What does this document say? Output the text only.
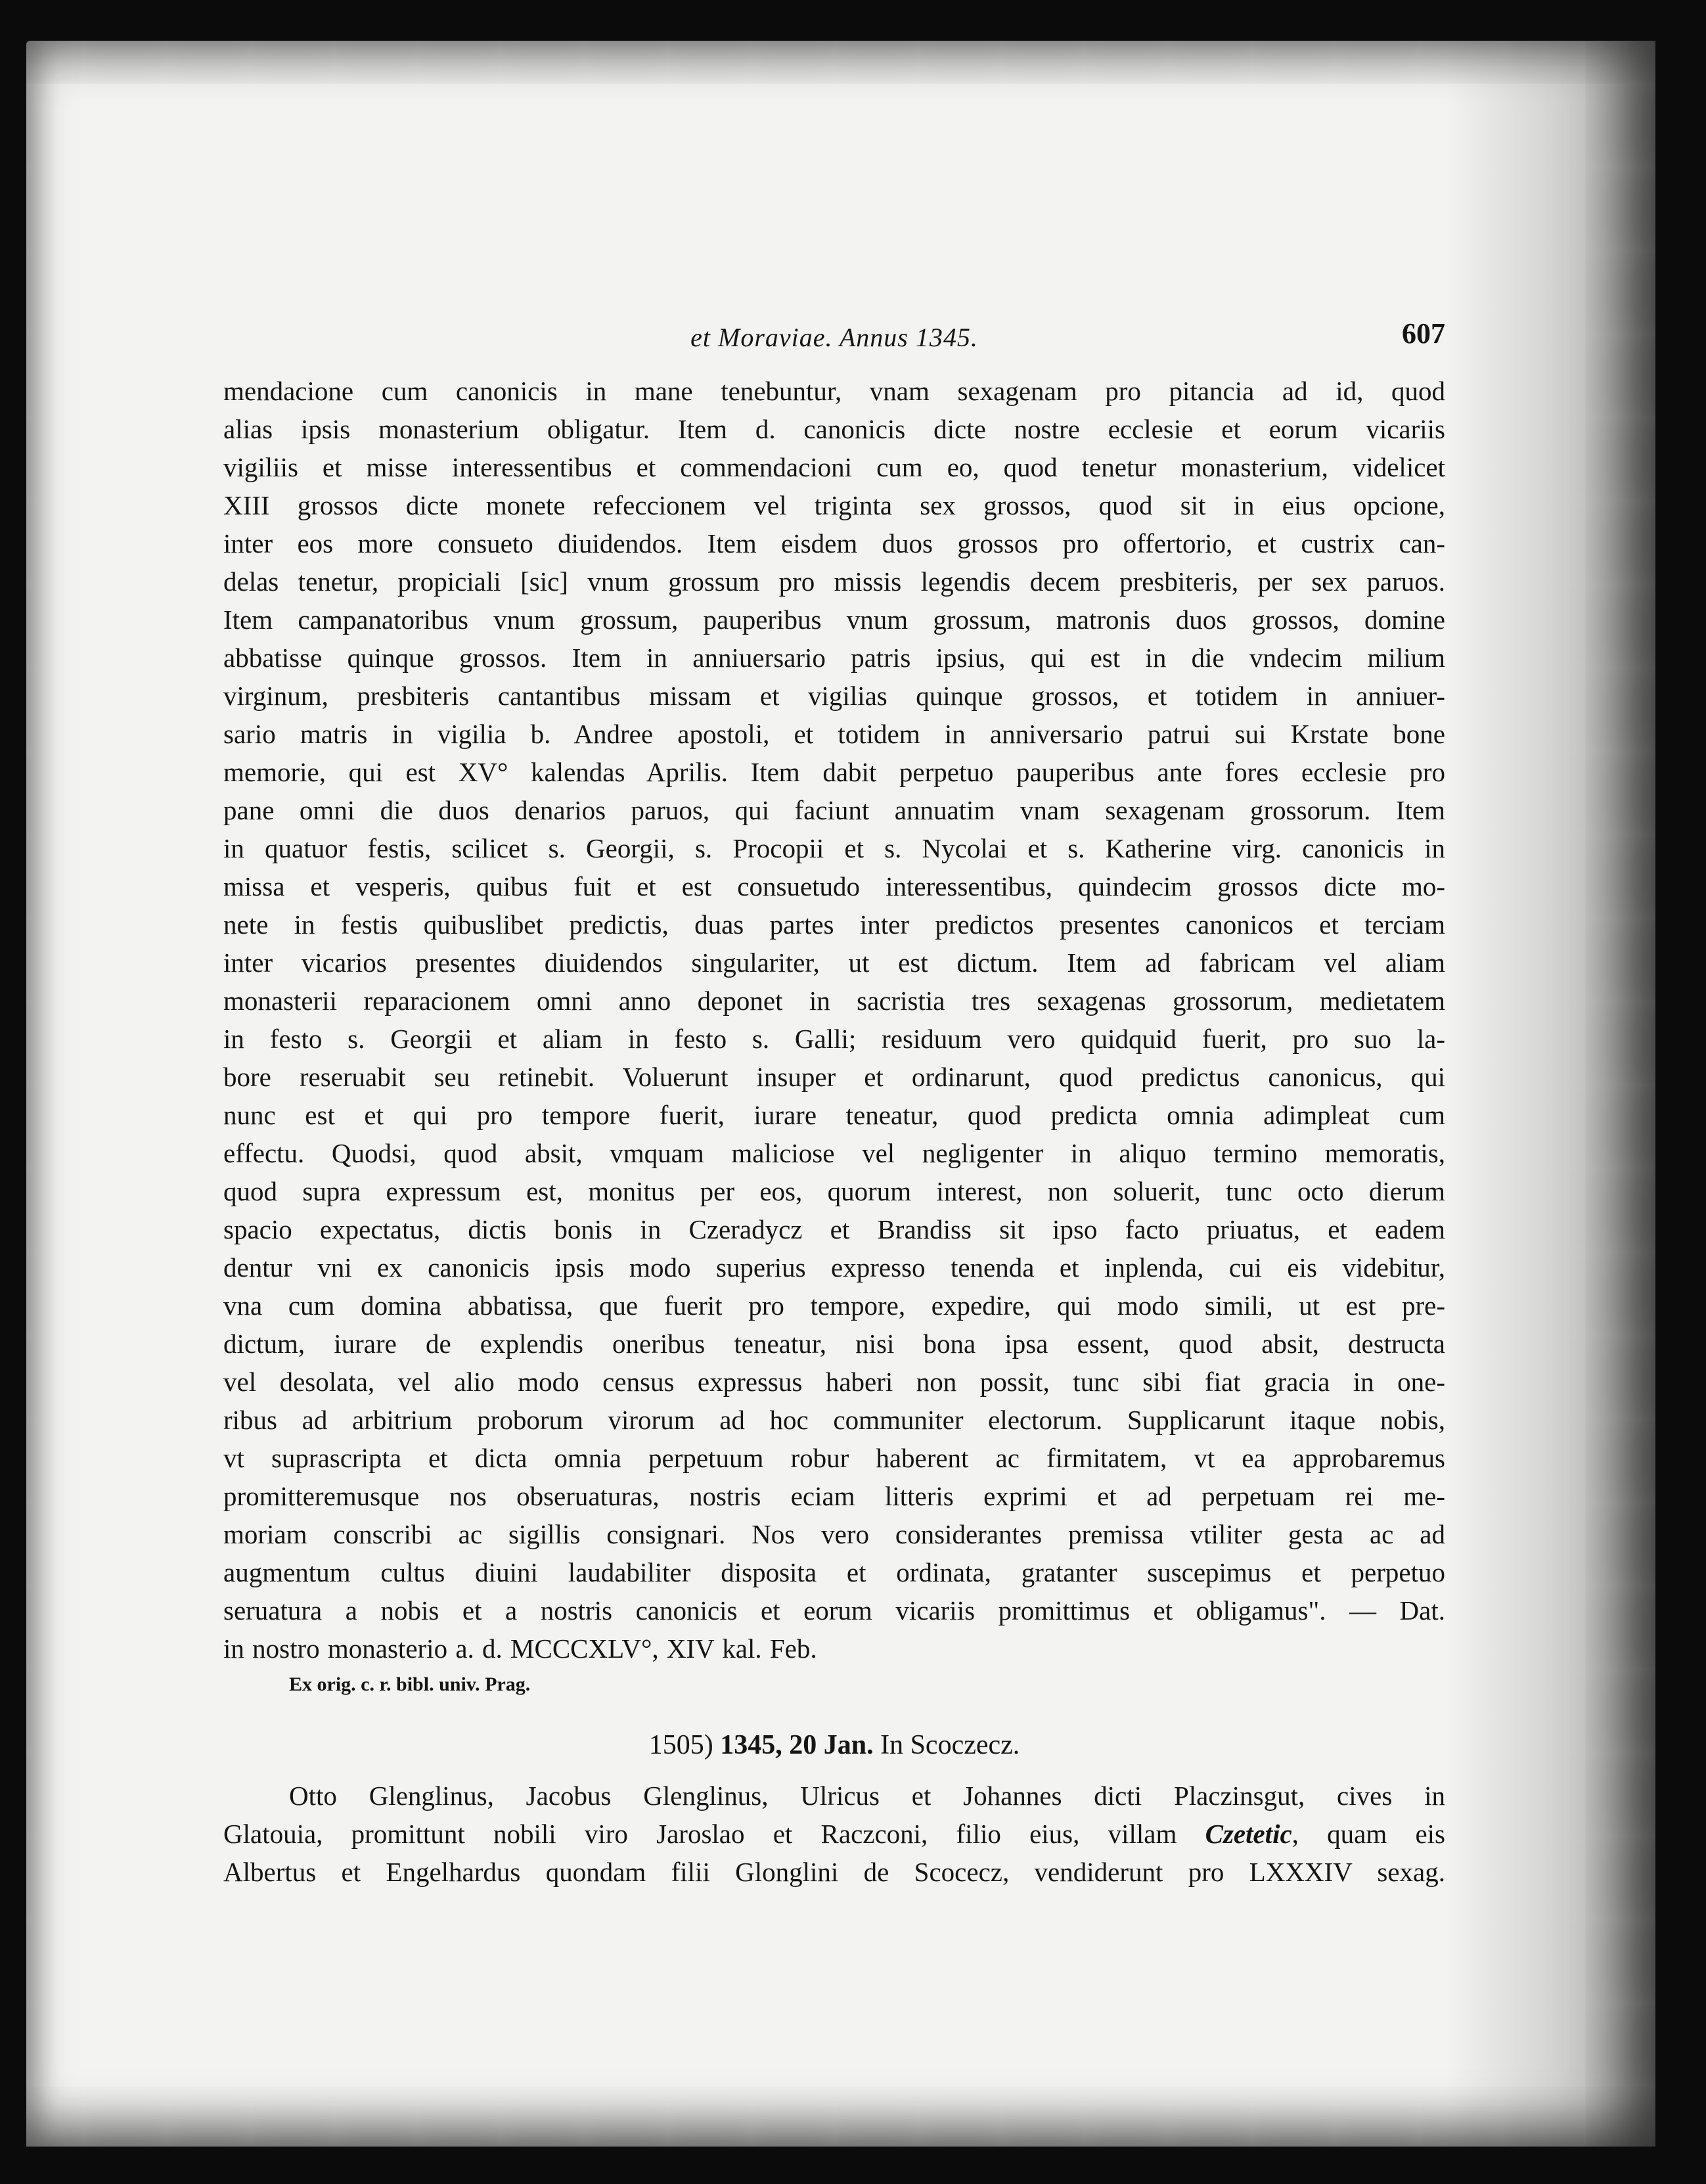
et Moraviae. Annus 1345.	607
mendacione cum canonicis in mane tenebuntur, vnam sexagenam pro pitancia ad id, quod
alias ipsis monasterium obligatur. Item d. canonicis dicte nostre ecclesie et eorum vicariis
vigiliis et misse interessentibus et commendacioni cum eo, quod tenetur monasterium, videlicet
XIII grossos dicte monete refeccionem vel triginta sex grossos, quod sit in eius opcione,
inter eos more consueto diuidendos. Item eisdem duos grossos pro offertorio, et custrix can-
delas tenetur, propiciali [sic] vnum grossum pro missis legendis decem presbiteris, per sex paruos.
Item campanatoribus vnum grossum, pauperibus vnum grossum, matronis duos grossos, domine
abbatisse quinque grossos. Item in anniuersario patris ipsius, qui est in die vndecim milium
virginum, presbiteris cantantibus missam et vigilias quinque grossos, et totidem in anniuer-
sario matris in vigilia b. Andree apostoli, et totidem in anniversario patrui sui Krstate bone
memorie, qui est XV° kalendas Aprilis. Item dabit perpetuo pauperibus ante fores ecclesie pro
pane omni die duos denarios paruos, qui faciunt annuatim vnam sexagenam grossorum. Item
in quatuor festis, scilicet s. Georgii, s. Procopii et s. Nycolai et s. Katherine virg. canonicis in
missa et vesperis, quibus fuit et est consuetudo interessentibus, quindecim grossos dicte mo-
nete in festis quibuslibet predictis, duas partes inter predictos presentes canonicos et terciam
inter vicarios presentes diuidendos singulariter, ut est dictum. Item ad fabricam vel aliam
monasterii reparacionem omni anno deponet in sacristia tres sexagenas grossorum, medietatem
in festo s. Georgii et aliam in festo s. Galli; residuum vero quidquid fuerit, pro suo la-
bore reseruabit seu retinebit. Voluerunt insuper et ordinarunt, quod predictus canonicus, qui
nunc est et qui pro tempore fuerit, iurare teneatur, quod predicta omnia adimpleat cum
effectu. Quodsi, quod absit, vmquam maliciose vel negligenter in aliquo termino memoratis,
quod supra expressum est, monitus per eos, quorum interest, non soluerit, tunc octo dierum
spacio expectatus, dictis bonis in Czeradycz et Brandiss sit ipso facto priuatus, et eadem
dentur vni ex canonicis ipsis modo superius expresso tenenda et inplenda, cui eis videbitur,
vna cum domina abbatissa, que fuerit pro tempore, expedire, qui modo simili, ut est pre-
dictum, iurare de explendis oneribus teneatur, nisi bona ipsa essent, quod absit, destructa
vel desolata, vel alio modo census expressus haberi non possit, tunc sibi fiat gracia in one-
ribus ad arbitrium proborum virorum ad hoc communiter electorum. Supplicarunt itaque nobis,
vt suprascripta et dicta omnia perpetuum robur haberent ac firmitatem, vt ea approbaremus
promitteremusque nos obseruaturas, nostris eciam litteris exprimi et ad perpetuam rei me-
moriam conscribi ac sigillis consignari. Nos vero considerantes premissa vtiliter gesta ac ad
augmentum cultus diuini laudabiliter disposita et ordinata, gratanter suscepimus et perpetuo
seruatura a nobis et a nostris canonicis et eorum vicariis promittimus et obligamus". — Dat.
in nostro monasterio a. d. MCCCXLV°, XIV kal. Feb.
Ex orig. c. r. bibl. univ. Prag.
1505) 1345, 20 Jan. In Scoczecz.
Otto Glenglinus, Jacobus Glenglinus, Ulricus et Johannes dicti Placzinsgut, cives in
Glatouia, promittunt nobili viro Jaroslao et Raczconi, filio eius, villam Czetetic, quam eis
Albertus et Engelhardus quondam filii Glonglini de Scocecz, vendiderunt pro LXXXIV sexag.
